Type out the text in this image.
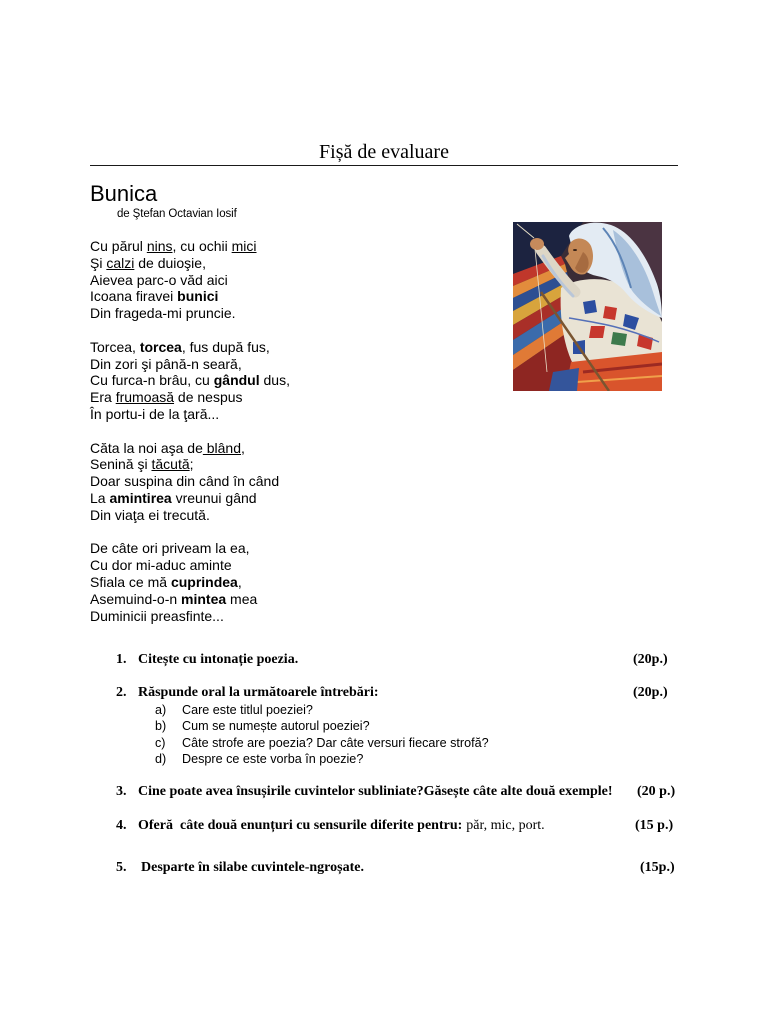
Fișă de evaluare
Bunica
de Ştefan Octavian Iosif
Cu părul nins, cu ochii mici
Şi calzi de duioşie,
Aievea parc-o văd aici
Icoana firavei bunici
Din frageda-mi pruncie.
Torcea, torcea, fus după fus,
Din zori şi până-n seară,
Cu furca-n brâu, cu gândul dus,
Era frumoasă de nespus
În portu-i de la ţară...
Căta la noi aşa de blând,
Senină şi tăcută;
Doar suspina din când în când
La amintirea vreunui gând
Din viaţa ei trecută.
De câte ori priveam la ea,
Cu dor mi-aduc aminte
Sfiala ce mă cuprindea,
Asemuind-o-n mintea mea
Duminicii preasfinte...
1. Citește cu intonație poezia.	(20p.)
2. Răspunde oral la următoarele întrebări:	(20p.)
a) Care este titlul poeziei?
b) Cum se numește autorul poeziei?
c) Câte strofe are poezia? Dar câte versuri fiecare strofă?
d) Despre ce este vorba în poezie?
3. Cine poate avea însușirile cuvintelor subliniate?Găsește câte alte două exemple! (20 p.)
4. Oferă  câte două enunțuri cu sensurile diferite pentru: păr, mic, port.	(15 p.)
5. Desparte în silabe cuvintele-ngroșate.	(15p.)
